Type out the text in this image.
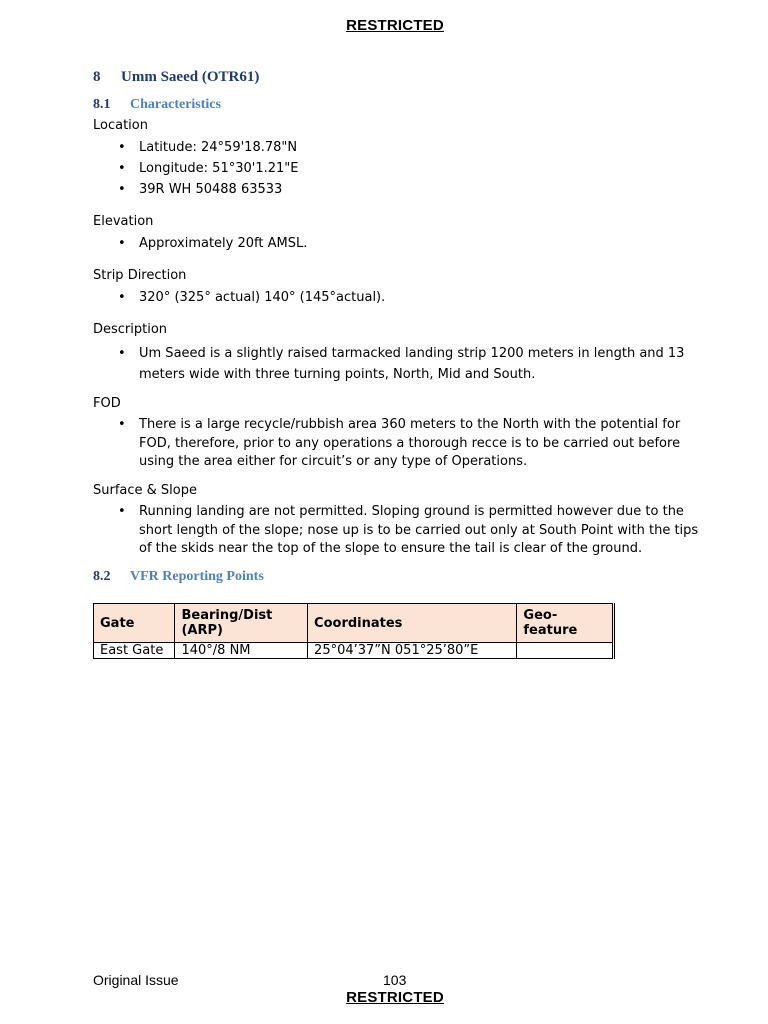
RESTRICTED
8 Umm Saeed (OTR61)
8.1 Characteristics
Location
• Latitude: 24°59'18.78"N
• Longitude: 51°30'1.21"E
• 39R WH 50488 63533
Elevation
• Approximately 20ft AMSL.
Strip Direction
• 320° (325° actual) 140° (145°actual).
Description
• Um Saeed is a slightly raised tarmacked landing strip 1200 meters in length and 13 meters wide with three turning points, North, Mid and South.
FOD
• There is a large recycle/rubbish area 360 meters to the North with the potential for FOD, therefore, prior to any operations a thorough recce is to be carried out before using the area either for circuit’s or any type of Operations.
Surface & Slope
• Running landing are not permitted. Sloping ground is permitted however due to the short length of the slope; nose up is to be carried out only at South Point with the tips of the skids near the top of the slope to ensure the tail is clear of the ground.
8.2 VFR Reporting Points
Gate	Bearing/Dist (ARP)	Coordinates	Geo-feature
East Gate	140°/8 NM	25°04’37”N 051°25’80”E	
Original Issue	103
RESTRICTED
